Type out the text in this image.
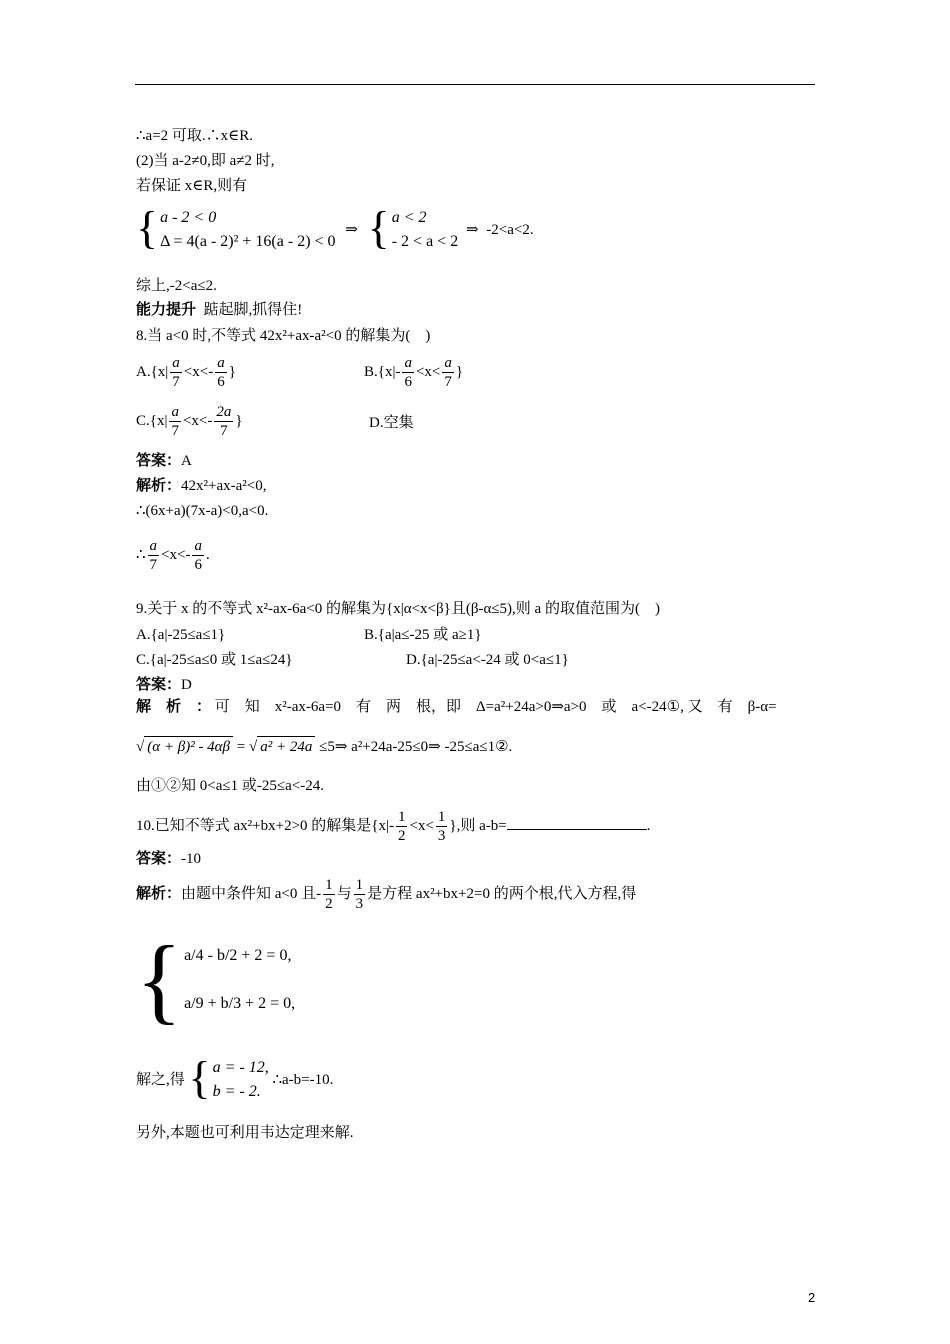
∴a=2 可取.∴x∈R.
(2)当 a-2≠0,即 a≠2 时,
若保证 x∈R,则有
{ a - 2 < 0
Δ = 4(a - 2)² + 16(a - 2) < 0
⇒ { a < 2
- 2 < a < 2
⇒ -2<a<2.
综上,-2<a≤2.
能力提升 踮起脚,抓得住!
8.当 a<0 时,不等式 42x²+ax-a²<0 的解集为(　)
$A.\{x| \frac{a}{7} <x<- \frac{a}{6}$ }	$B.\{x|- \frac{a}{6} <x< \frac{a}{7}$ }
$C.\{x| \frac{a}{7} <x<- \frac{2a}{7}$ }	D.空集
答案：A
解析：42x²+ax-a²<0,
∴(6x+a)(7x-a)<0,a<0.
∴ $\frac{a}{7} <x<- \frac{a}{6}$ .
9.关于 x 的不等式 x²-ax-6a<0 的解集为{x|α<x<β}且(β-α≤5),则 a 的取值范围为(　)
A.{a|-25≤a≤1}	B.{a|a≤-25 或 a≥1}
C.{a|-25≤a≤0 或 1≤a≤24}	D.{a|-25≤a<-24 或 0<a≤1}
答案：D
解　析　： 可　知　x²-ax-6a=0　有　两　根，即　Δ=a²+24a>0⇒a>0　或　a<-24①, 又　有　β-α=
√ (α + β)² - 4αβ = √ a² + 24a ≤5⇒ a²+24a-25≤0⇒ -25≤a≤1②.
由①②知 0<a≤1 或-25≤a<-24.
10.已知不等式 ax²+bx+2>0 的解集是{$x|- \frac{1}{2} <x< \frac{1}{3}$ },则 a-b=	.
答案：-10
解析：由题中条件知 a<0 且- $\frac{1}{2}$ 与 $\frac{1}{3}$ 是方程 ax²+bx+2=0 的两个根,代入方程,得
{ a/4 - b/2 + 2 = 0,
a/9 + b/3 + 2 = 0,
解之,得 { a = - 12,
b = - 2.
∴a-b=-10.
另外,本题也可利用韦达定理来解.
2
